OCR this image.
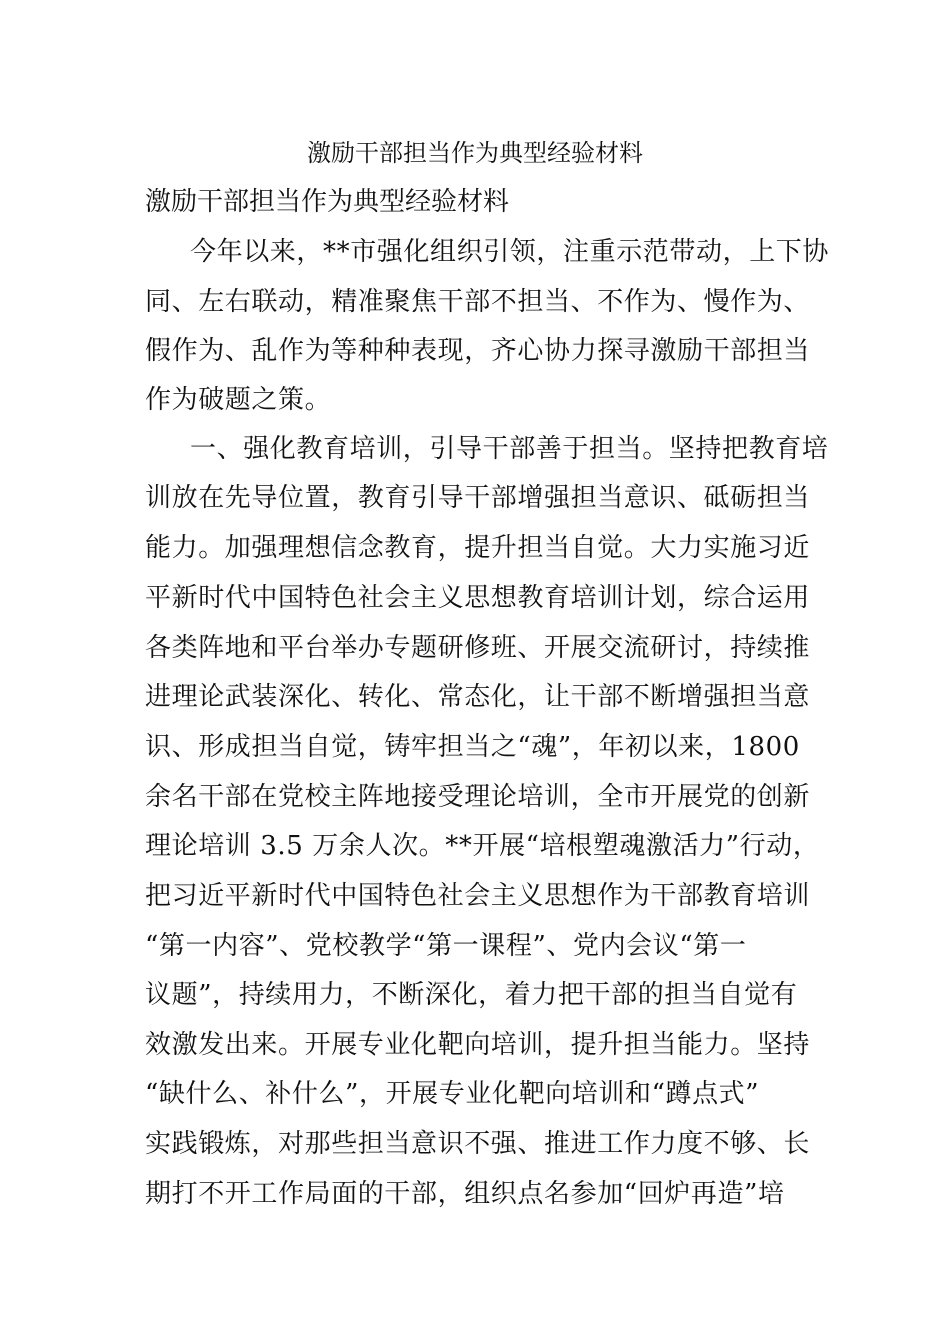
激励干部担当作为典型经验材料
激励干部担当作为典型经验材料
今年以来，**市强化组织引领，注重示范带动，上下协
同、左右联动，精准聚焦干部不担当、不作为、慢作为、
假作为、乱作为等种种表现，齐心协力探寻激励干部担当
作为破题之策。
一、强化教育培训，引导干部善于担当。坚持把教育培
训放在先导位置，教育引导干部增强担当意识、砥砺担当
能力。加强理想信念教育，提升担当自觉。大力实施习近
平新时代中国特色社会主义思想教育培训计划，综合运用
各类阵地和平台举办专题研修班、开展交流研讨，持续推
进理论武装深化、转化、常态化，让干部不断增强担当意
识、形成担当自觉，铸牢担当之“魂”，年初以来，1800
余名干部在党校主阵地接受理论培训，全市开展党的创新
理论培训 3.5 万余人次。**开展“培根塑魂激活力”行动，
把习近平新时代中国特色社会主义思想作为干部教育培训
“第一内容”、党校教学“第一课程”、党内会议“第一
议题”，持续用力，不断深化，着力把干部的担当自觉有
效激发出来。开展专业化靶向培训，提升担当能力。坚持
“缺什么、补什么”，开展专业化靶向培训和“蹲点式”
实践锻炼，对那些担当意识不强、推进工作力度不够、长
期打不开工作局面的干部，组织点名参加“回炉再造”培
